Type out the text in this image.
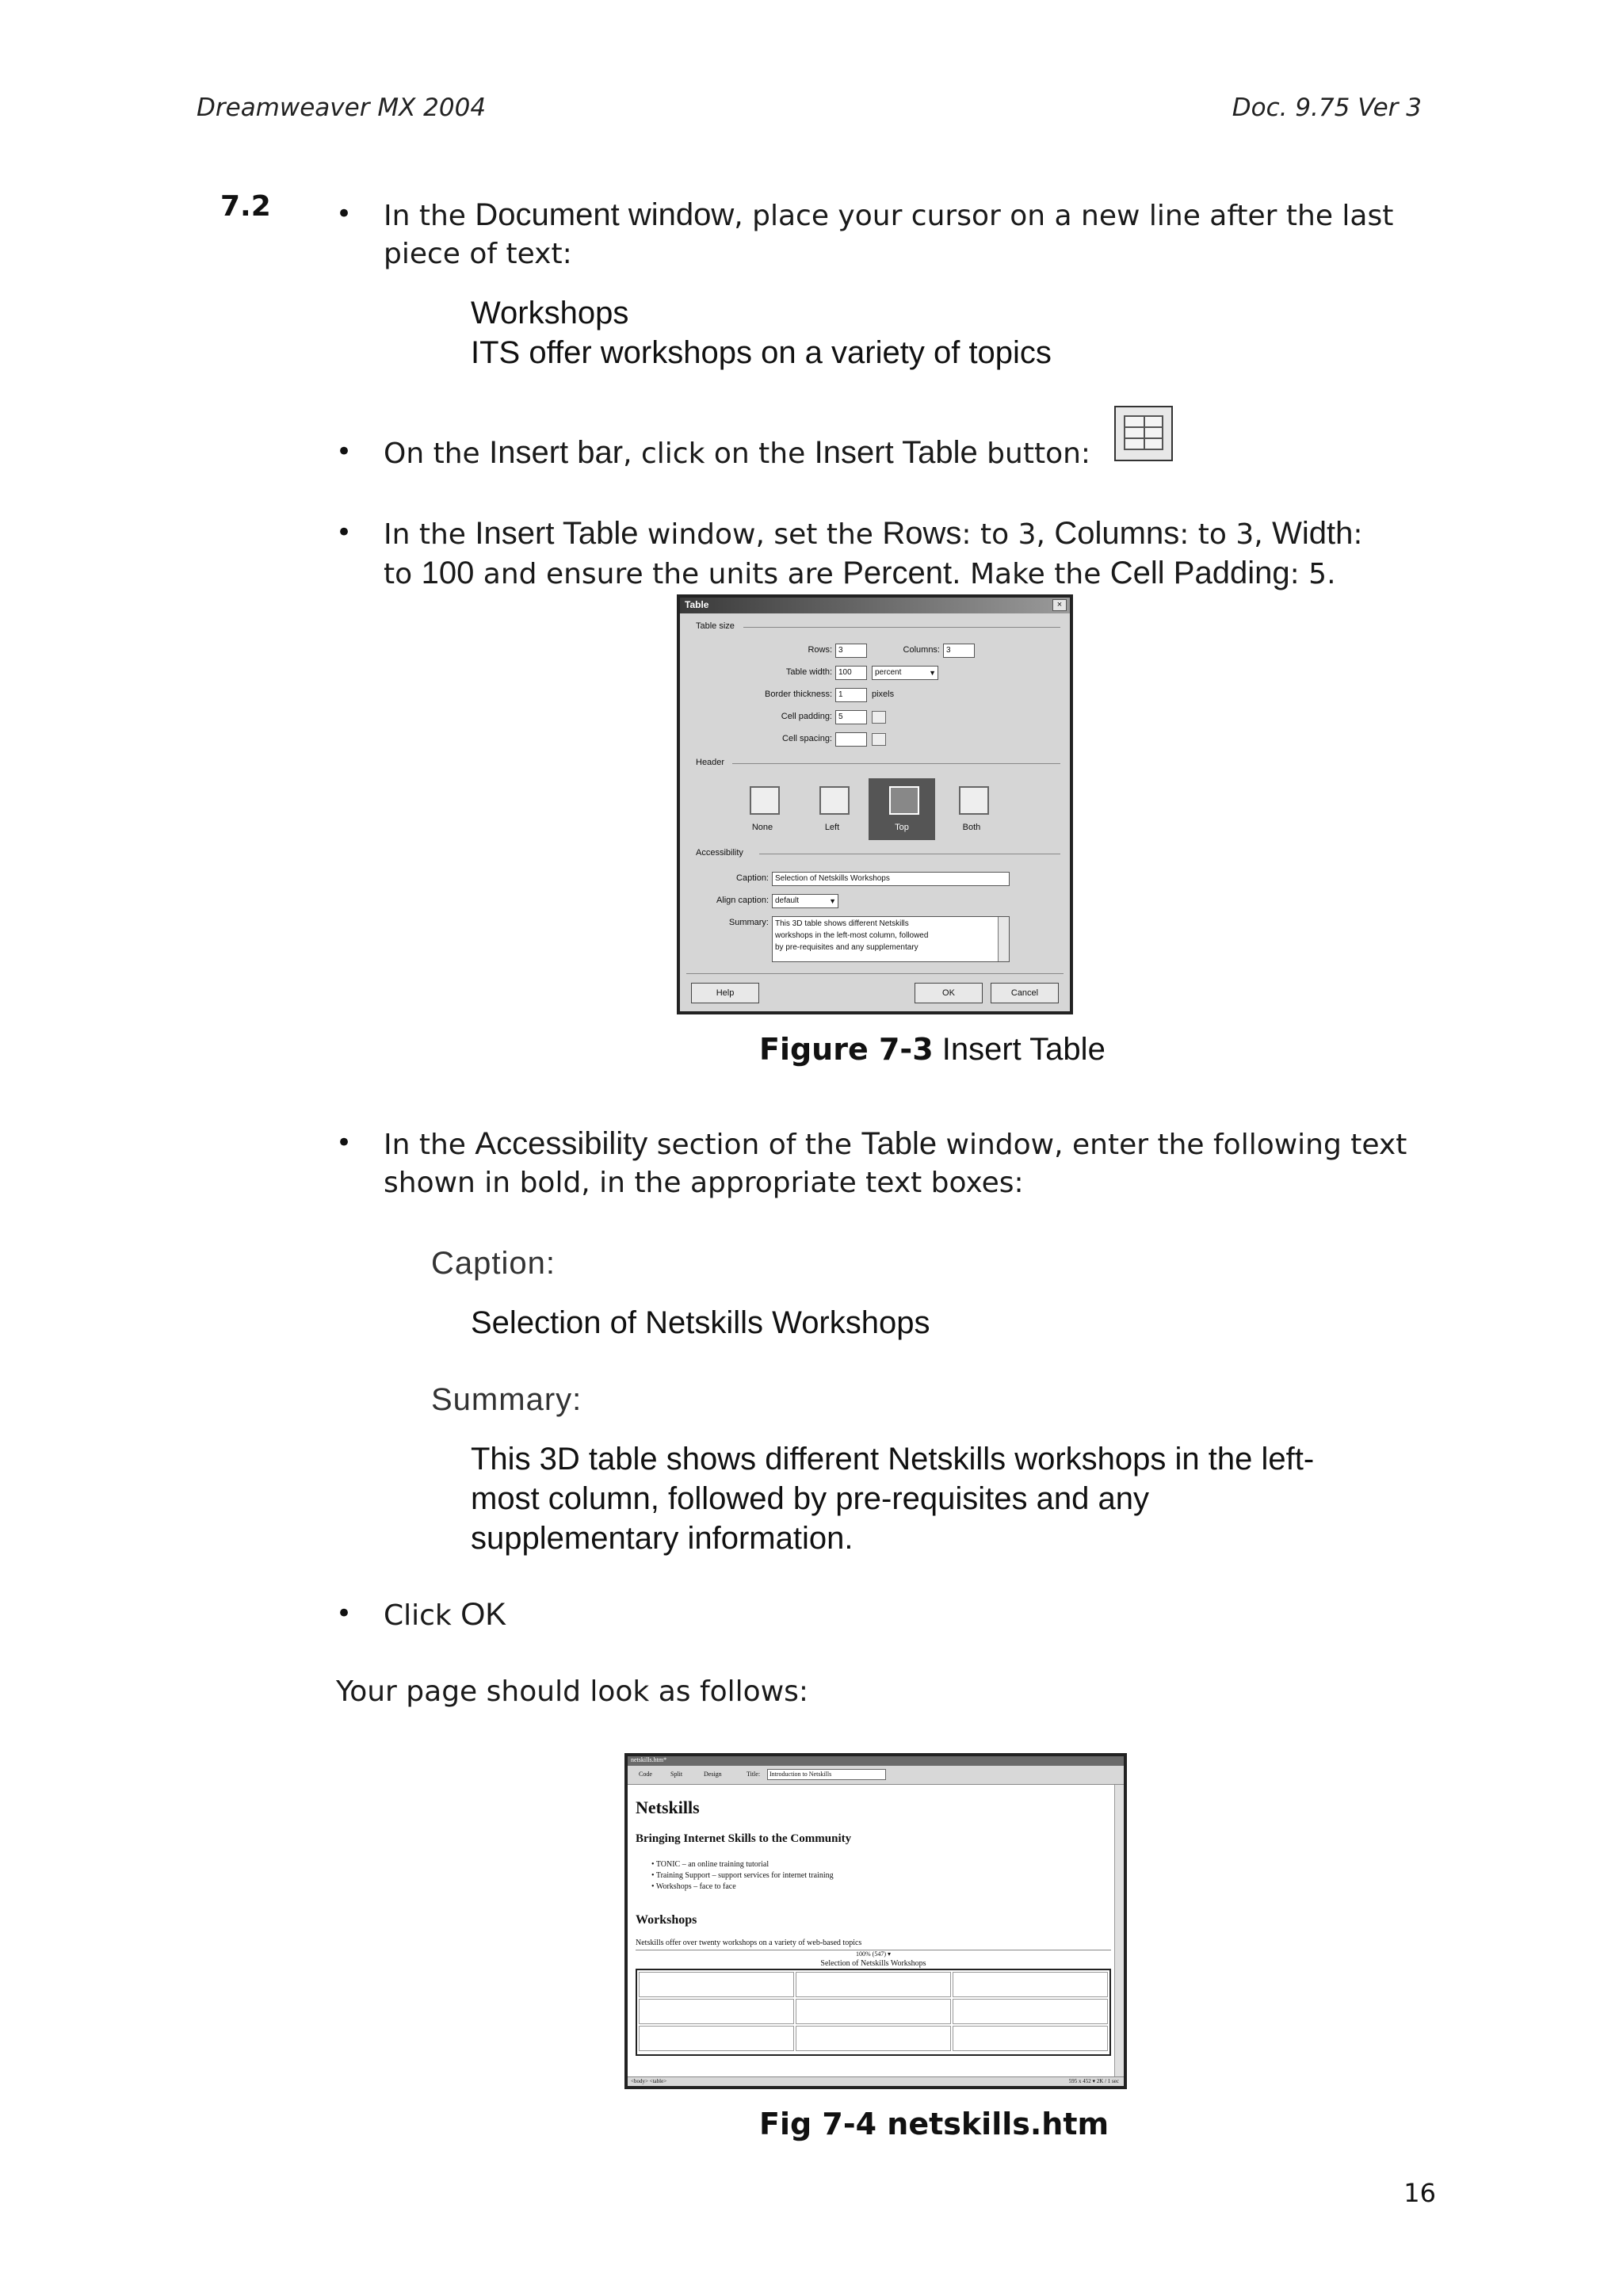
Dreamweaver MX 2004	Doc. 9.75 Ver 3
7.2 • In the Document window, place your cursor on a new line after the last
piece of text:
Workshops
ITS offer workshops on a variety of topics
• On the Insert bar, click on the Insert Table button:
• In the Insert Table window, set the Rows: to 3, Columns: to 3, Width:
to 100 and ensure the units are Percent. Make the Cell Padding: 5.
Table	×
Table size
Rows: 3	Columns: 3
Table width: 100	percent	▼
Border thickness: 1	pixels
Cell padding: 5
Cell spacing:
Header
None	Left	Top	Both
Accessibility
Caption: Selection of Netskills Workshops
Align caption: default	▼
Summary: This 3D table shows different Netskills
workshops in the left-most column, followed
by pre-requisites and any supplementary
Help	OK	Cancel
Figure 7-3 Insert Table
• In the Accessibility section of the Table window, enter the following text
shown in bold, in the appropriate text boxes:
Caption:
Selection of Netskills Workshops
Summary:
This 3D table shows different Netskills workshops in the left-
most column, followed by pre-requisites and any
supplementary information.
• Click OK
Your page should look as follows:
netskills.htm*
Code	Split	Design	Title:	Introduction to Netskills
Netskills
Bringing Internet Skills to the Community
• TONIC – an online training tutorial
• Training Support – support services for internet training
• Workshops – face to face
Workshops
Netskills offer over twenty workshops on a variety of web-based topics
100% (547) ▾
Selection of Netskills Workshops
<body> <table>	595 x 452 ▾ 2K / 1 sec
Fig 7-4 netskills.htm
16
